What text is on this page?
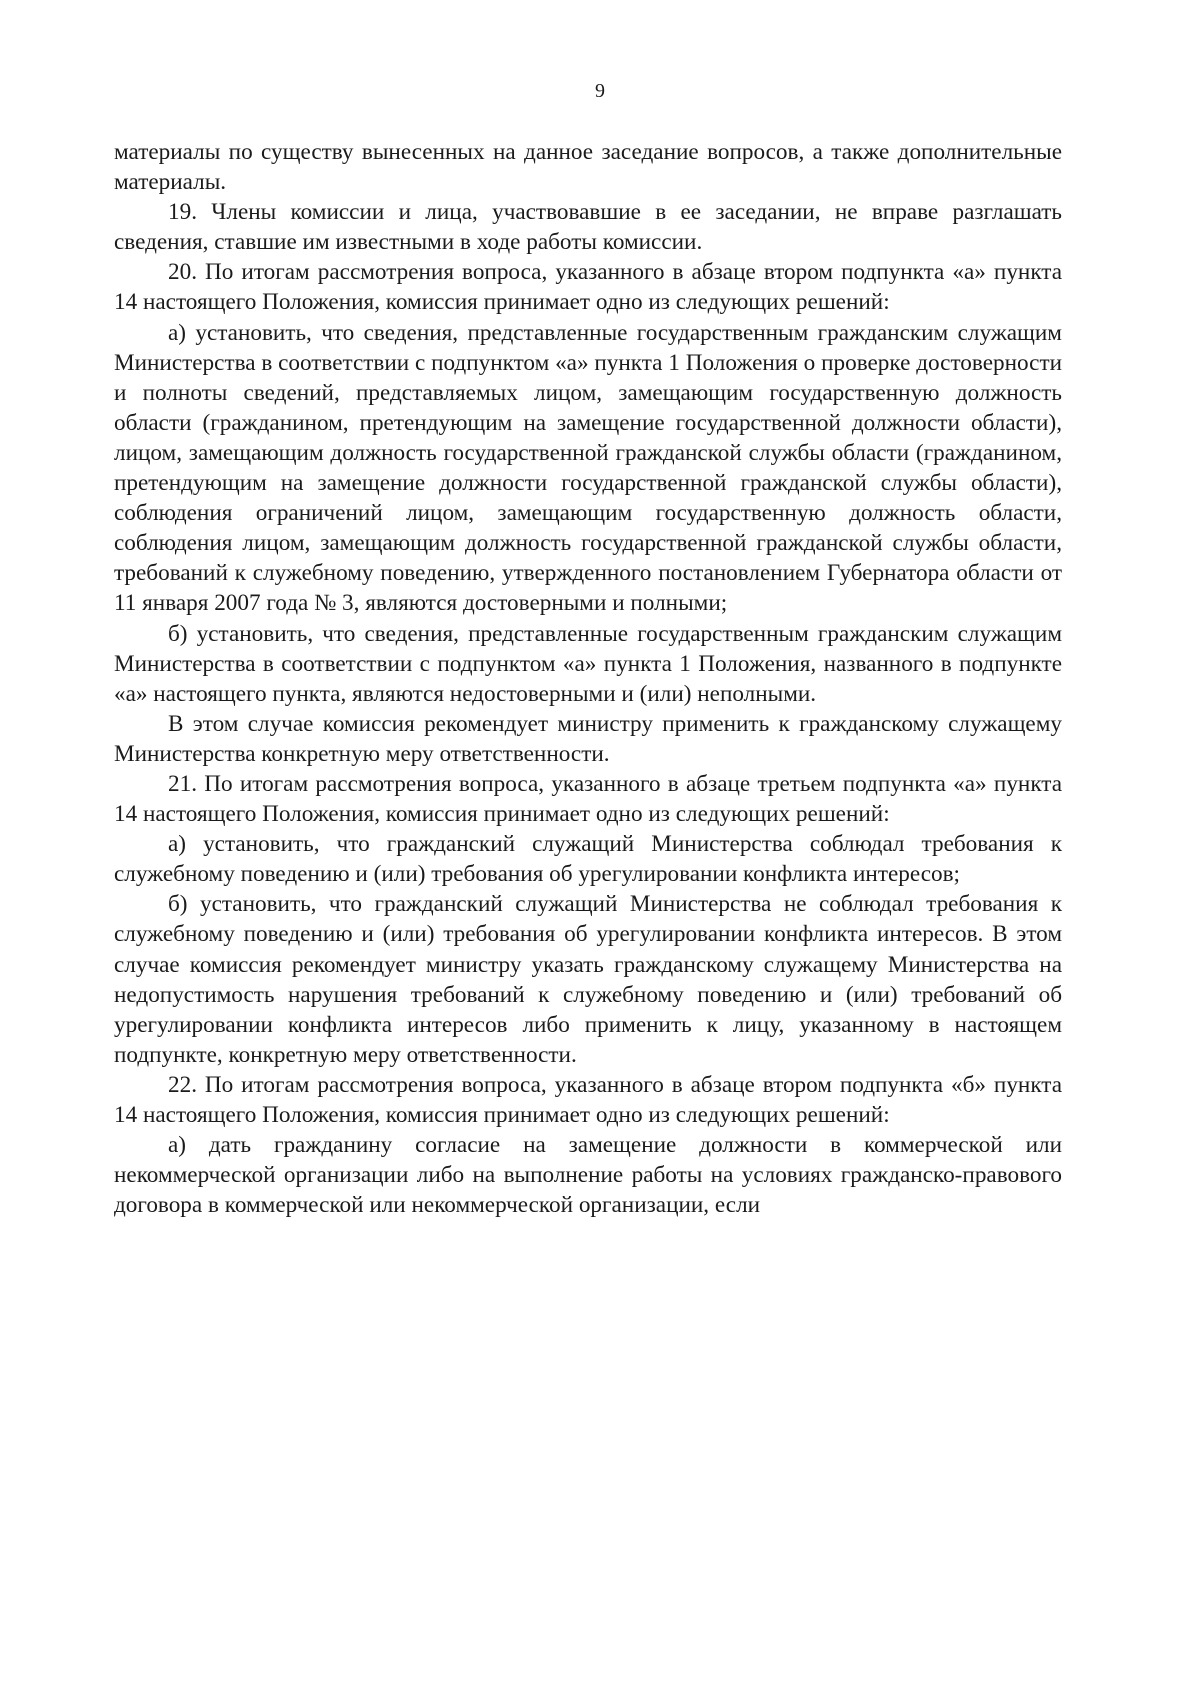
9

материалы по существу вынесенных на данное заседание вопросов, а также дополнительные материалы.

19. Члены комиссии и лица, участвовавшие в ее заседании, не вправе разглашать сведения, ставшие им известными в ходе работы комиссии.

20. По итогам рассмотрения вопроса, указанного в абзаце втором подпункта «а» пункта 14 настоящего Положения, комиссия принимает одно из следующих решений:

а) установить, что сведения, представленные государственным гражданским служащим Министерства в соответствии с подпунктом «а» пункта 1 Положения о проверке достоверности и полноты сведений, представляемых лицом, замещающим государственную должность области (гражданином, претендующим на замещение государственной должности области), лицом, замещающим должность государственной гражданской службы области (гражданином, претендующим на замещение должности государственной гражданской службы области), соблюдения ограничений лицом, замещающим государственную должность области, соблюдения лицом, замещающим должность государственной гражданской службы области, требований к служебному поведению, утвержденного постановлением Губернатора области от 11 января 2007 года № 3, являются достоверными и полными;

б) установить, что сведения, представленные государственным гражданским служащим Министерства в соответствии с подпунктом «а» пункта 1 Положения, названного в подпункте «а» настоящего пункта, являются недостоверными и (или) неполными.

В этом случае комиссия рекомендует министру применить к гражданскому служащему Министерства конкретную меру ответственности.

21. По итогам рассмотрения вопроса, указанного в абзаце третьем подпункта «а» пункта 14 настоящего Положения, комиссия принимает одно из следующих решений:

а) установить, что гражданский служащий Министерства соблюдал требования к служебному поведению и (или) требования об урегулировании конфликта интересов;

б) установить, что гражданский служащий Министерства не соблюдал требования к служебному поведению и (или) требования об урегулировании конфликта интересов. В этом случае комиссия рекомендует министру указать гражданскому служащему Министерства на недопустимость нарушения требований к служебному поведению и (или) требований об урегулировании конфликта интересов либо применить к лицу, указанному в настоящем подпункте, конкретную меру ответственности.

22. По итогам рассмотрения вопроса, указанного в абзаце втором подпункта «б» пункта 14 настоящего Положения, комиссия принимает одно из следующих решений:

а) дать гражданину согласие на замещение должности в коммерческой или некоммерческой организации либо на выполнение работы на условиях гражданско-правового договора в коммерческой или некоммерческой организации, если
